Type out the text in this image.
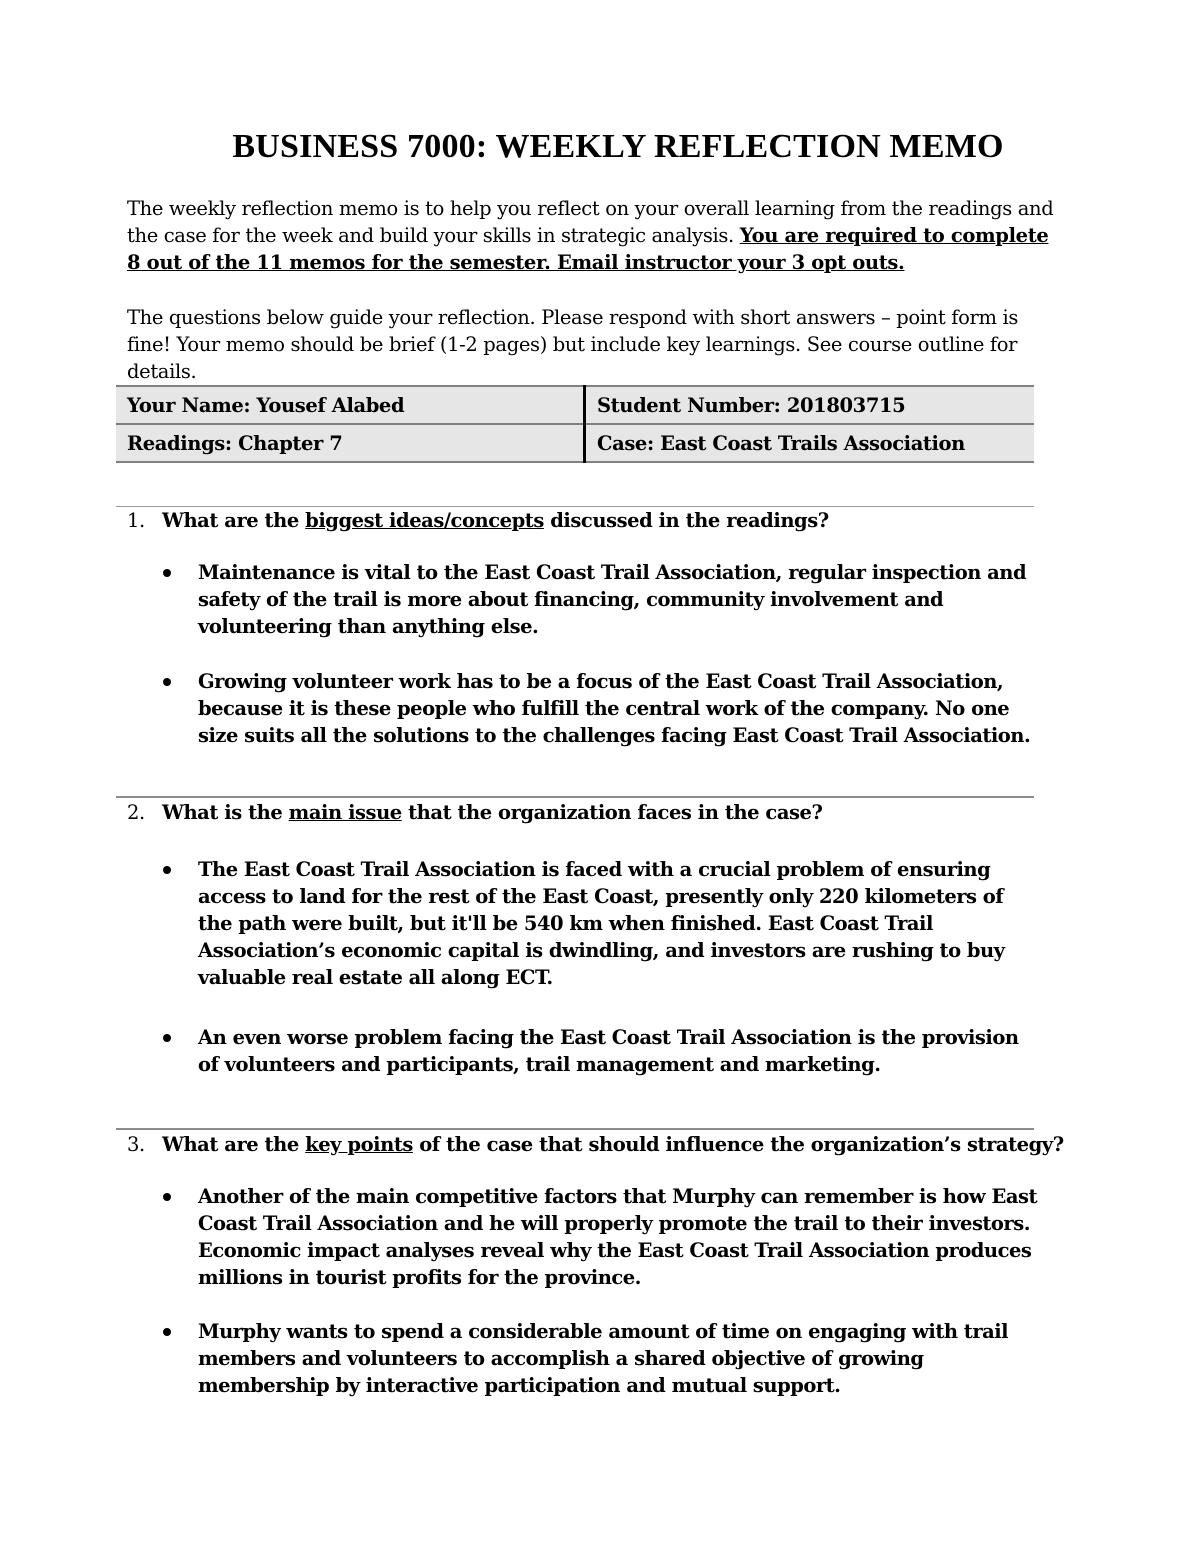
BUSINESS 7000: WEEKLY REFLECTION MEMO

The weekly reflection memo is to help you reflect on your overall learning from the readings and the case for the week and build your skills in strategic analysis. You are required to complete 8 out of the 11 memos for the semester. Email instructor your 3 opt outs.

The questions below guide your reflection. Please respond with short answers – point form is fine! Your memo should be brief (1-2 pages) but include key learnings. See course outline for details.

Your Name: Yousef Alabed	Student Number: 201803715
Readings: Chapter 7	Case: East Coast Trails Association

1. What are the biggest ideas/concepts discussed in the readings?

Maintenance is vital to the East Coast Trail Association, regular inspection and safety of the trail is more about financing, community involvement and volunteering than anything else.
Growing volunteer work has to be a focus of the East Coast Trail Association, because it is these people who fulfill the central work of the company. No one size suits all the solutions to the challenges facing East Coast Trail Association.

2. What is the main issue that the organization faces in the case?

The East Coast Trail Association is faced with a crucial problem of ensuring access to land for the rest of the East Coast, presently only 220 kilometers of the path were built, but it'll be 540 km when finished. East Coast Trail Association’s economic capital is dwindling, and investors are rushing to buy valuable real estate all along ECT.
An even worse problem facing the East Coast Trail Association is the provision of volunteers and participants, trail management and marketing.

3. What are the key points of the case that should influence the organization’s strategy?

Another of the main competitive factors that Murphy can remember is how East Coast Trail Association and he will properly promote the trail to their investors. Economic impact analyses reveal why the East Coast Trail Association produces millions in tourist profits for the province.
Murphy wants to spend a considerable amount of time on engaging with trail members and volunteers to accomplish a shared objective of growing membership by interactive participation and mutual support.
